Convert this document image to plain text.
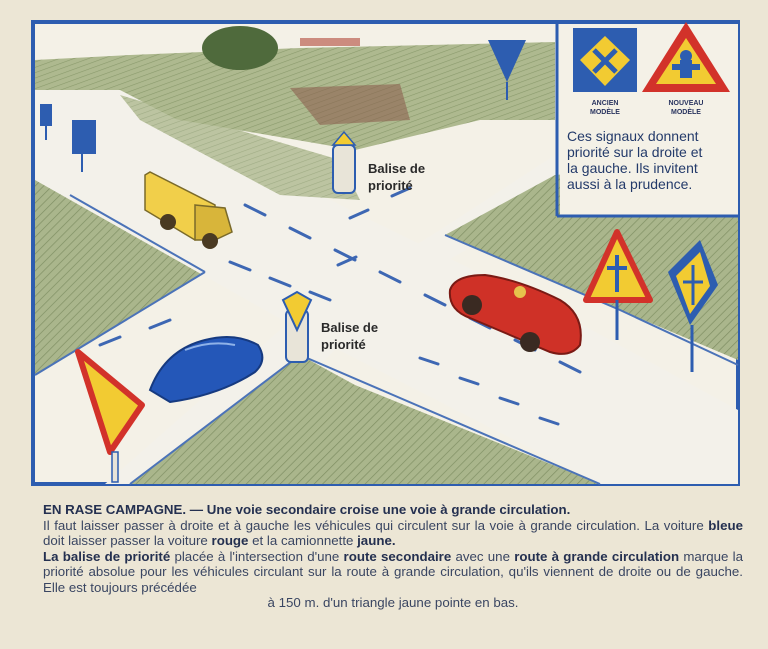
ANCIEN
MODÈLE
NOUVEAU
MODÈLE
Ces signaux donnent
priorité sur la droite et
la gauche. Ils invitent
aussi à la prudence.
Balise de
priorité
Balise de
priorité

EN RASE CAMPAGNE. — Une voie secondaire croise une voie à grande circulation.

Il faut laisser passer à droite et à gauche les véhicules qui circulent sur la voie à grande circulation. La voiture bleue doit laisser passer la voiture rouge et la camionnette jaune.

La balise de priorité placée à l'intersection d'une route secondaire avec une route à grande circulation marque la priorité absolue pour les véhicules circulant sur la route à grande circulation, qu'ils viennent de droite ou de gauche. Elle est toujours précédée

à 150 m. d'un triangle jaune pointe en bas.
